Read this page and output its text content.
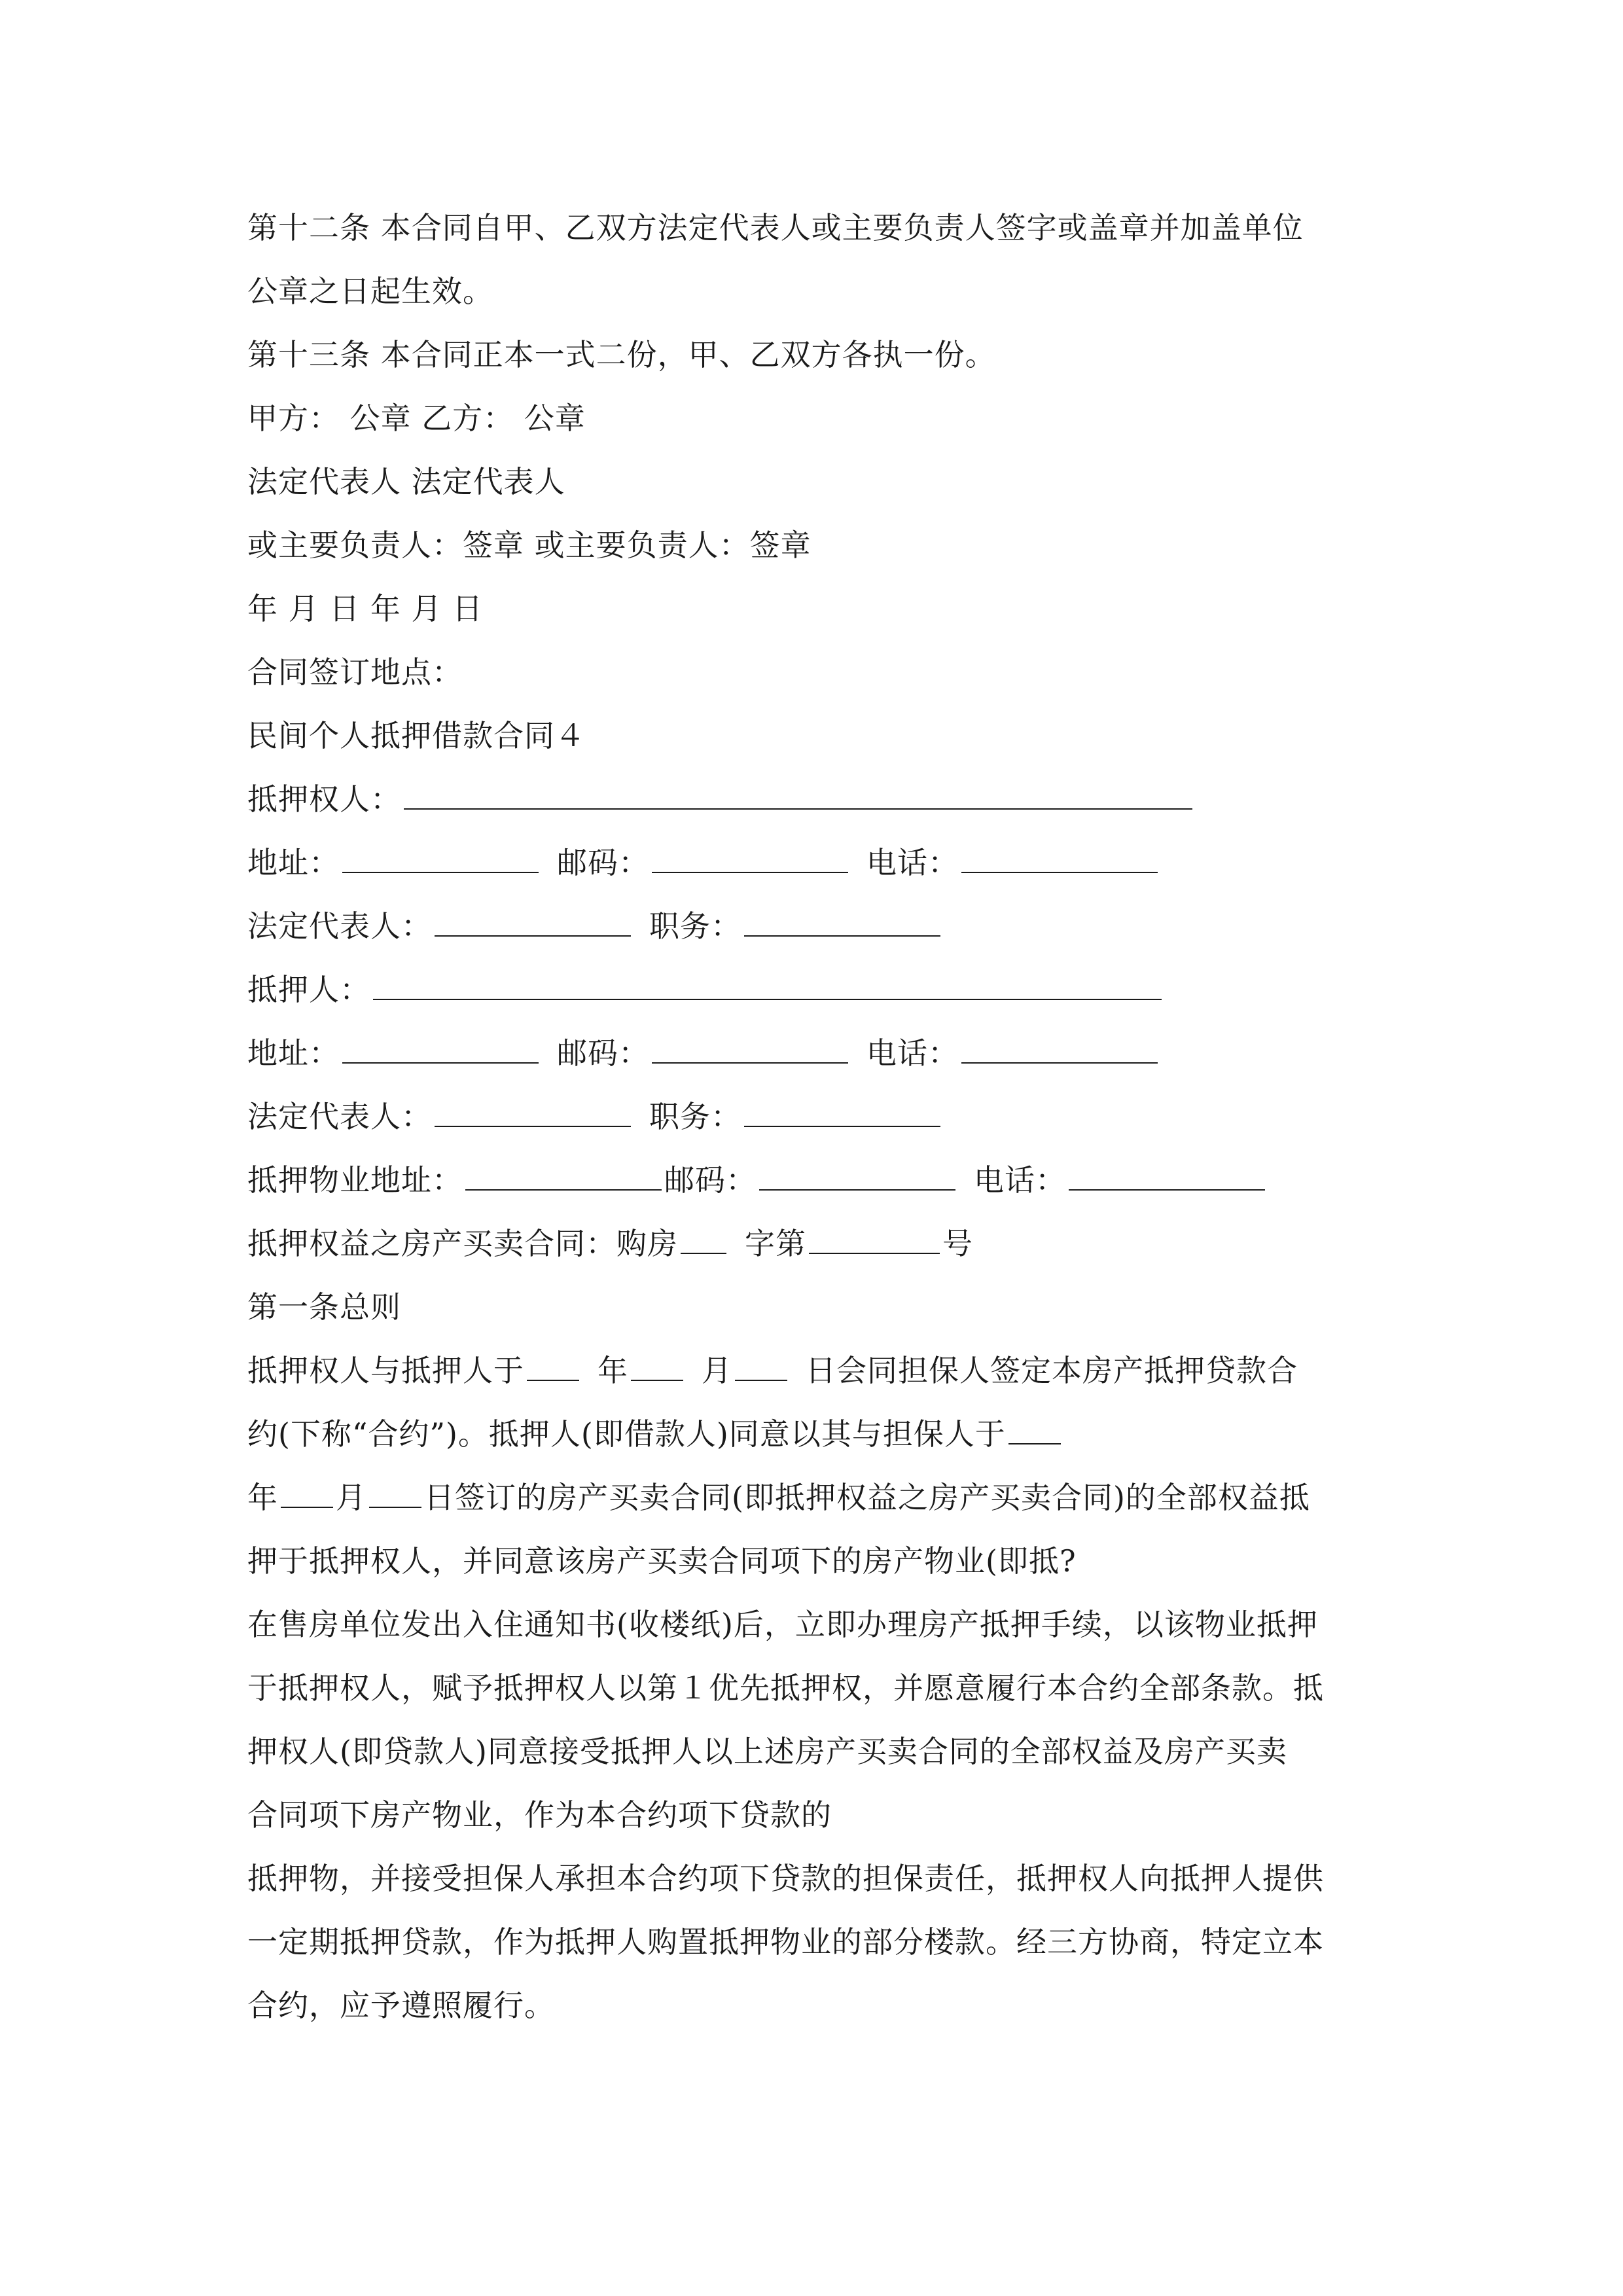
第十二条 本合同自甲、乙双方法定代表人或主要负责人签字或盖章并加盖单位
公章之日起生效。
第十三条 本合同正本一式二份，甲、乙双方各执一份。
甲方： 公章 乙方： 公章
法定代表人 法定代表人
或主要负责人：签章 或主要负责人：签章
年 月 日 年 月 日
合同签订地点：
民间个人抵押借款合同４
抵押权人：
地址：	邮码：	电话：
法定代表人：	职务：
抵押人：
地址：	邮码：	电话：
法定代表人：	职务：
抵押物业地址：	邮码：	电话：
抵押权益之房产买卖合同：购房 字第	号
第一条总则
抵押权人与抵押人于 年 月 日会同担保人签定本房产抵押贷款合
约(下称“合约”)。抵押人(即借款人)同意以其与担保人于
年 月 日签订的房产买卖合同(即抵押权益之房产买卖合同)的全部权益抵
押于抵押权人，并同意该房产买卖合同项下的房产物业(即抵?
在售房单位发出入住通知书(收楼纸)后，立即办理房产抵押手续，以该物业抵押
于抵押权人，赋予抵押权人以第１优先抵押权，并愿意履行本合约全部条款。抵
押权人(即贷款人)同意接受抵押人以上述房产买卖合同的全部权益及房产买卖
合同项下房产物业，作为本合约项下贷款的
抵押物，并接受担保人承担本合约项下贷款的担保责任，抵押权人向抵押人提供
一定期抵押贷款，作为抵押人购置抵押物业的部分楼款。经三方协商，特定立本
合约，应予遵照履行。
